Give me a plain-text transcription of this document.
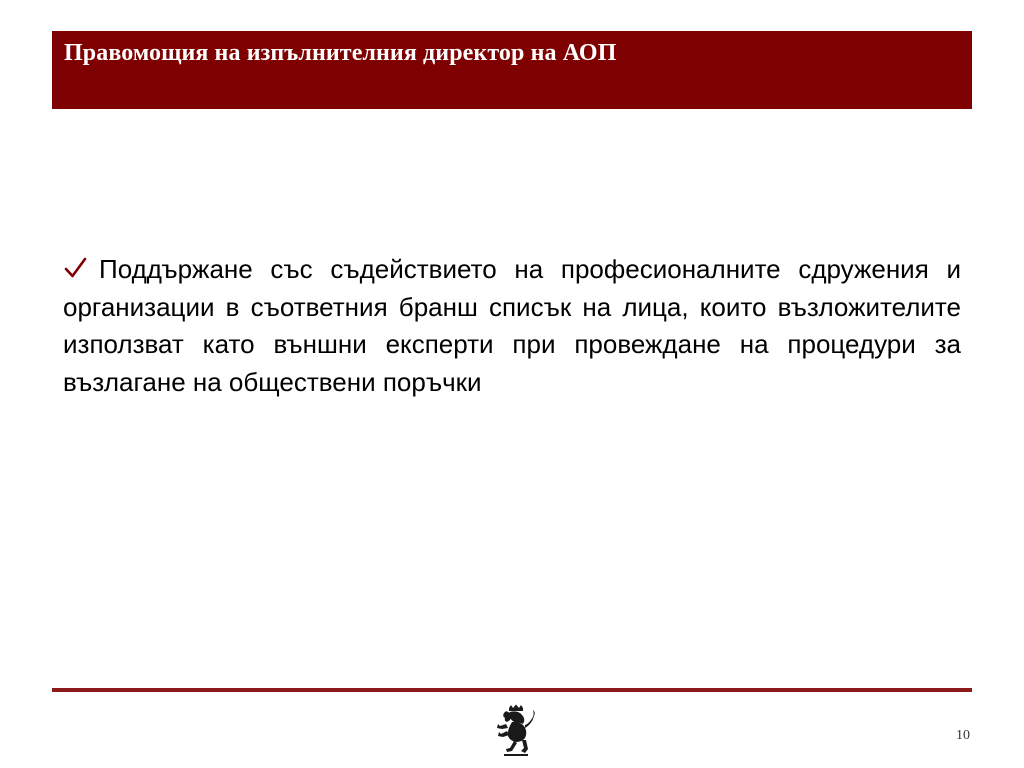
Правомощия на изпълнителния директор на АОП
Поддържане със съдействието на професионалните сдружения и организации в съответния бранш списък на лица, които възложителите използват като външни експерти при провеждане на процедури за възлагане на обществени поръчки
10
